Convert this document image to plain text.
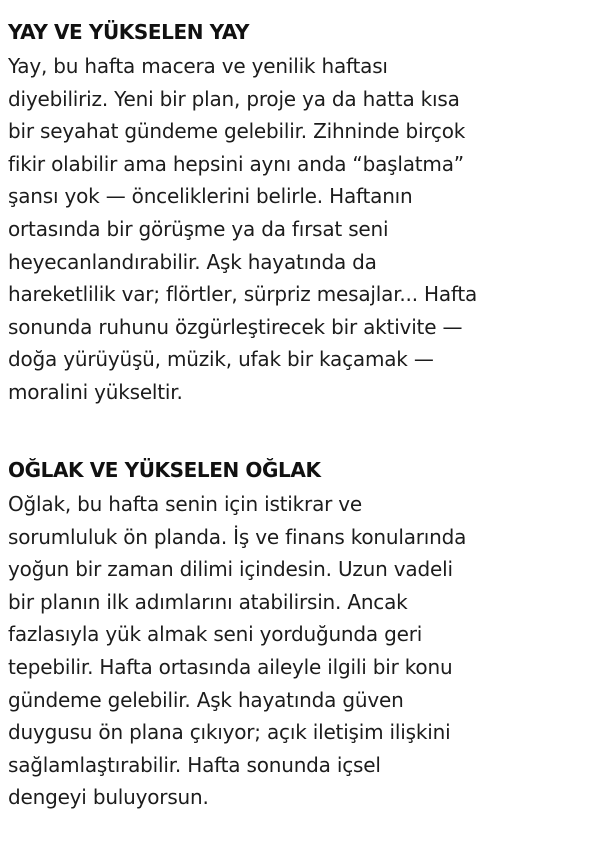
YAY VE YÜKSELEN YAY

Yay, bu hafta macera ve yenilik haftası
diyebiliriz. Yeni bir plan, proje ya da hatta kısa
bir seyahat gündeme gelebilir. Zihninde birçok
fikir olabilir ama hepsini aynı anda “başlatma”
şansı yok — önceliklerini belirle. Haftanın
ortasında bir görüşme ya da fırsat seni
heyecanlandırabilir. Aşk hayatında da
hareketlilik var; flörtler, sürpriz mesajlar... Hafta
sonunda ruhunu özgürleştirecek bir aktivite —
doğa yürüyüşü, müzik, ufak bir kaçamak —
moralini yükseltir.

OĞLAK VE YÜKSELEN OĞLAK

Oğlak, bu hafta senin için istikrar ve
sorumluluk ön planda. İş ve finans konularında
yoğun bir zaman dilimi içindesin. Uzun vadeli
bir planın ilk adımlarını atabilirsin. Ancak
fazlasıyla yük almak seni yorduğunda geri
tepebilir. Hafta ortasında aileyle ilgili bir konu
gündeme gelebilir. Aşk hayatında güven
duygusu ön plana çıkıyor; açık iletişim ilişkini
sağlamlaştırabilir. Hafta sonunda içsel
dengeyi buluyorsun.
